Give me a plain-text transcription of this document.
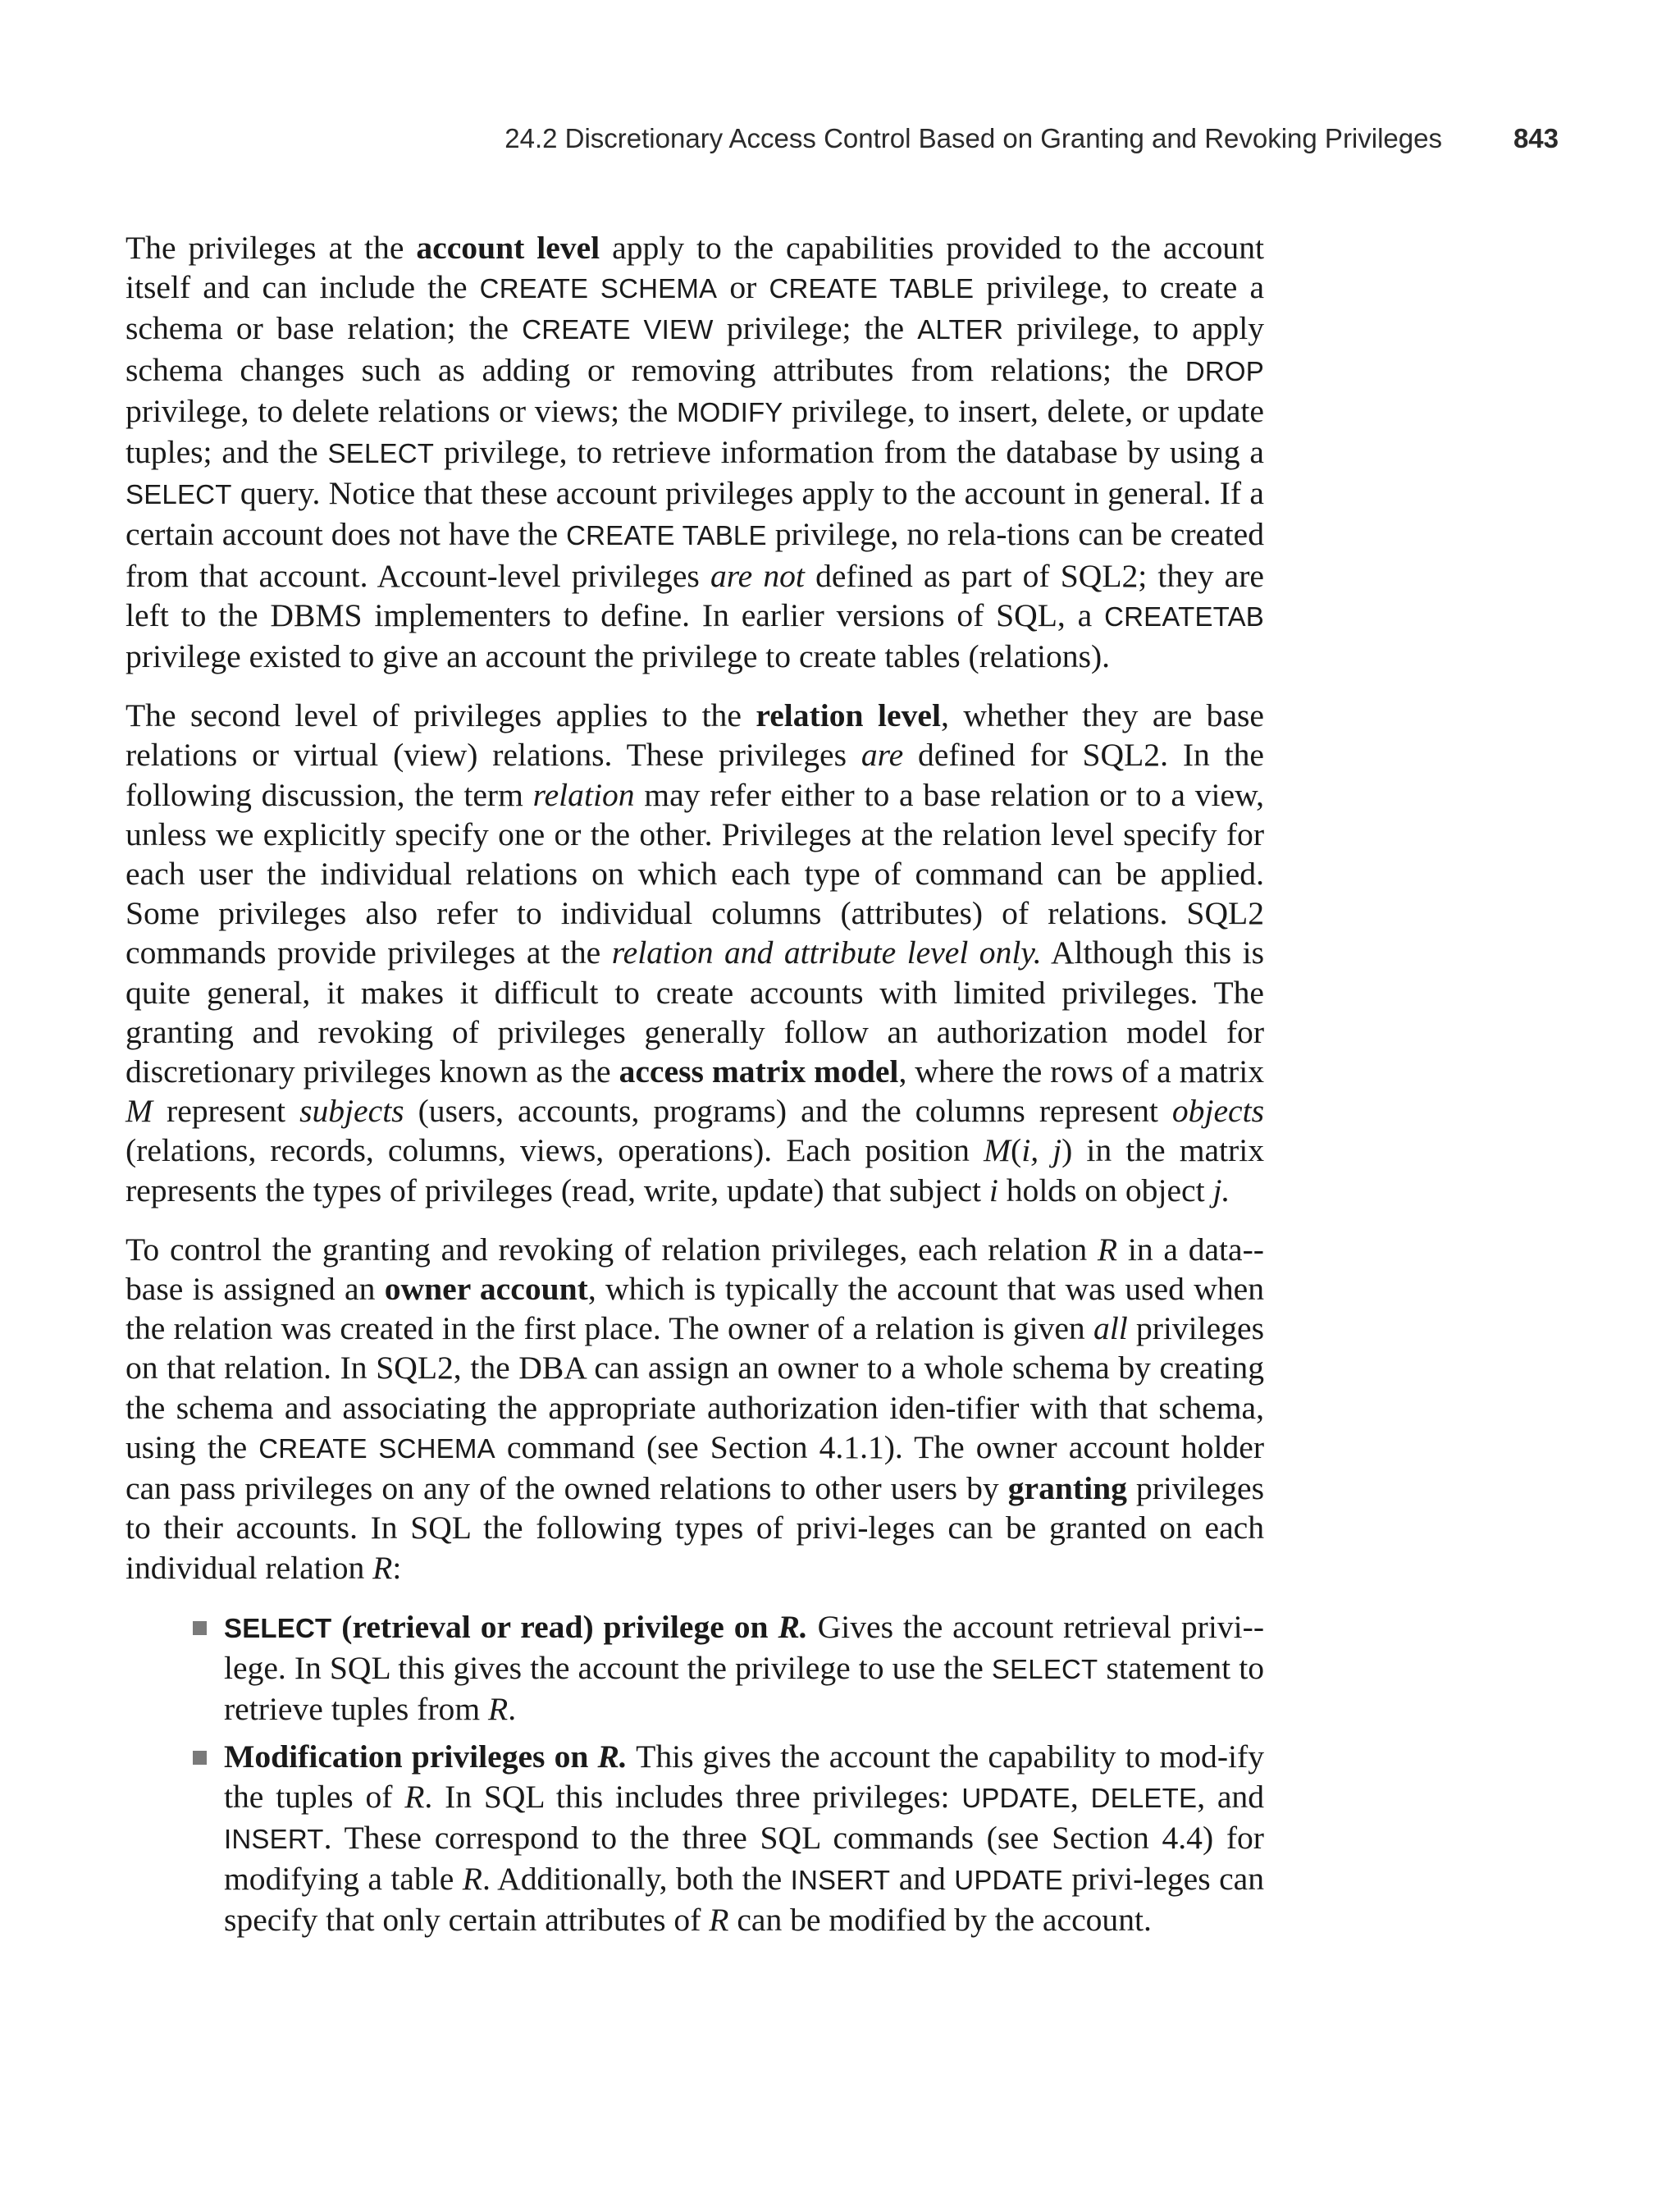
24.2 Discretionary Access Control Based on Granting and Revoking Privileges	843

The privileges at the account level apply to the capabilities provided to the account itself and can include the CREATE SCHEMA or CREATE TABLE privilege, to create a schema or base relation; the CREATE VIEW privilege; the ALTER privilege, to apply schema changes such as adding or removing attributes from relations; the DROP privilege, to delete relations or views; the MODIFY privilege, to insert, delete, or update tuples; and the SELECT privilege, to retrieve information from the database by using a SELECT query. Notice that these account privileges apply to the account in general. If a certain account does not have the CREATE TABLE privilege, no rela-tions can be created from that account. Account-level privileges are not defined as part of SQL2; they are left to the DBMS implementers to define. In earlier versions of SQL, a CREATETAB privilege existed to give an account the privilege to create tables (relations).

The second level of privileges applies to the relation level, whether they are base relations or virtual (view) relations. These privileges are defined for SQL2. In the following discussion, the term relation may refer either to a base relation or to a view, unless we explicitly specify one or the other. Privileges at the relation level specify for each user the individual relations on which each type of command can be applied. Some privileges also refer to individual columns (attributes) of relations. SQL2 commands provide privileges at the relation and attribute level only. Although this is quite general, it makes it difficult to create accounts with limited privileges. The granting and revoking of privileges generally follow an authorization model for discretionary privileges known as the access matrix model, where the rows of a matrix M represent subjects (users, accounts, programs) and the columns represent objects (relations, records, columns, views, operations). Each position M(i, j) in the matrix represents the types of privileges (read, write, update) that subject i holds on object j.

To control the granting and revoking of relation privileges, each relation R in a data-base is assigned an owner account, which is typically the account that was used when the relation was created in the first place. The owner of a relation is given all privileges on that relation. In SQL2, the DBA can assign an owner to a whole schema by creating the schema and associating the appropriate authorization iden-tifier with that schema, using the CREATE SCHEMA command (see Section 4.1.1). The owner account holder can pass privileges on any of the owned relations to other users by granting privileges to their accounts. In SQL the following types of privi-leges can be granted on each individual relation R:

SELECT (retrieval or read) privilege on R. Gives the account retrieval privi-lege. In SQL this gives the account the privilege to use the SELECT statement to retrieve tuples from R.
Modification privileges on R. This gives the account the capability to mod-ify the tuples of R. In SQL this includes three privileges: UPDATE, DELETE, and INSERT. These correspond to the three SQL commands (see Section 4.4) for modifying a table R. Additionally, both the INSERT and UPDATE privi-leges can specify that only certain attributes of R can be modified by the account.
